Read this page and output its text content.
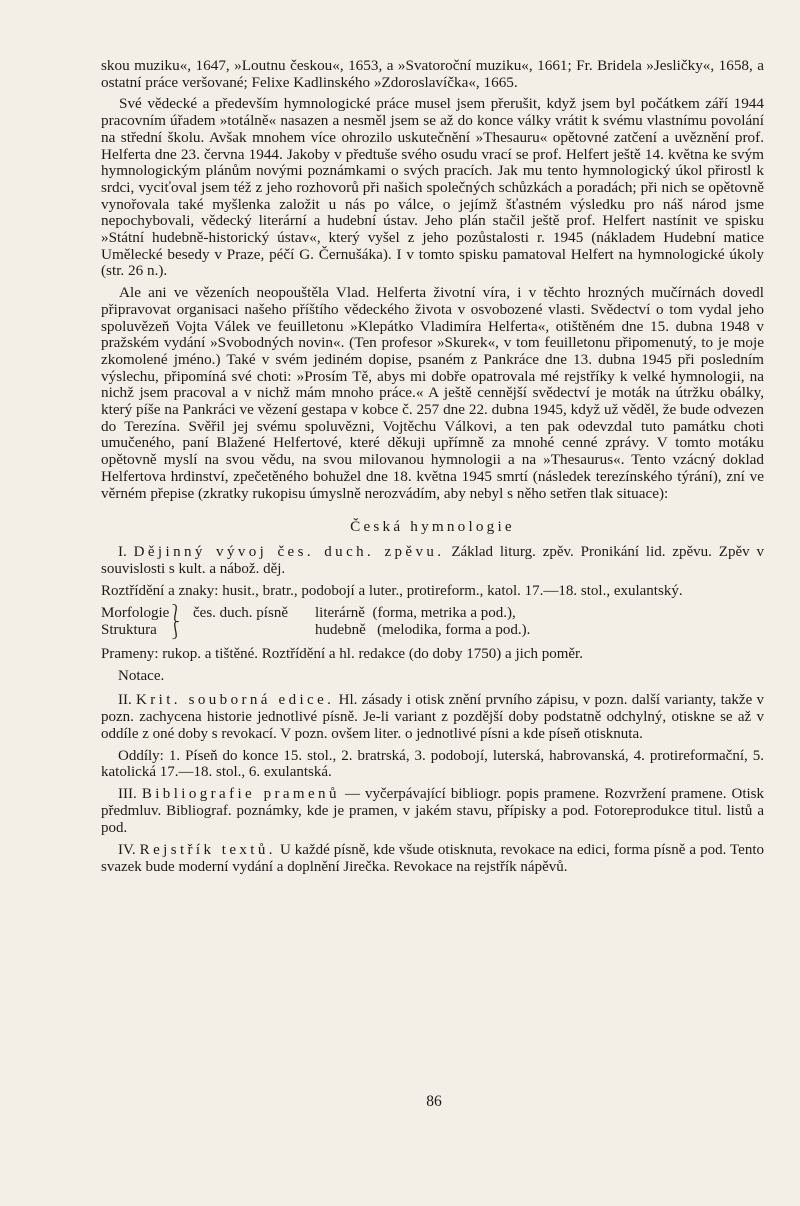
skou muziku«, 1647, »Loutnu českou«, 1653, a »Svatoroční muziku«, 1661; Fr. Bridela »Jesličky«, 1658, a ostatní práce veršované; Felixe Kadlinského »Zdoroslavíčka«, 1665.

Své vědecké a především hymnologické práce musel jsem přerušit, když jsem byl počátkem září 1944 pracovním úřadem »totálně« nasazen a nesměl jsem se až do konce války vrátit k svému vlastnímu povolání na střední školu. Avšak mnohem více ohrozilo uskutečnění »Thesauru« opětovné zatčení a uvěznění prof. Helferta dne 23. června 1944. Jakoby v předtuše svého osudu vrací se prof. Helfert ještě 14. května ke svým hymnologickým plánům novými poznámkami o svých pracích. Jak mu tento hymnologický úkol přirostl k srdci, vyciťoval jsem též z jeho rozhovorů při našich společných schůzkách a poradách; při nich se opětovně vynořovala také myšlenka založit u nás po válce, o jejímž šťastném výsledku pro náš národ jsme nepochybovali, vědecký literární a hudební ústav. Jeho plán stačil ještě prof. Helfert nastínit ve spisku »Státní hudebně-historický ústav«, který vyšel z jeho pozůstalosti r. 1945 (nákladem Hudební matice Umělecké besedy v Praze, péčí G. Černušáka). I v tomto spisku pamatoval Helfert na hymnologické úkoly (str. 26 n.).

Ale ani ve vězeních neopouštěla Vlad. Helferta životní víra, i v těchto hrozných mučírnách dovedl připravovat organisaci našeho příštího vědeckého života v osvobozené vlasti. Svědectví o tom vydal jeho spoluvězeň Vojta Válek ve feuilletonu »Klepátko Vladimíra Helferta«, otištěném dne 15. dubna 1948 v pražském vydání »Svobodných novin«. (Ten profesor »Skurek«, v tom feuilletonu připomenutý, to je moje zkomolené jméno.) Také v svém jediném dopise, psaném z Pankráce dne 13. dubna 1945 při posledním výslechu, připomíná své choti: »Prosím Tě, abys mi dobře opatrovala mé rejstříky k velké hymnologii, na nichž jsem pracoval a v nichž mám mnoho práce.« A ještě cennější svědectví je moták na útržku obálky, který píše na Pankráci ve vězení gestapa v kobce č. 257 dne 22. dubna 1945, když už věděl, že bude odvezen do Terezína. Svěřil jej svému spoluvězni, Vojtěchu Válkovi, a ten pak odevzdal tuto památku choti umučeného, paní Blažené Helfertové, které děkuji upřímně za mnohé cenné zprávy. V tomto motáku opětovně myslí na svou vědu, na svou milovanou hymnologii a na »Thesaurus«. Tento vzácný doklad Helfertova hrdinství, zpečetěného bohužel dne 18. května 1945 smrtí (následek terezínského týrání), zní ve věrném přepise (zkratky rukopisu úmyslně nerozvádím, aby nebyl s něho setřen tlak situace):

Česká hymnologie

I. Dějinný vývoj čes. duch. zpěvu. Základ liturg. zpěv. Pronikání lid. zpěvu. Zpěv v souvislosti s kult. a nábož. děj.

Roztřídění a znaky: husit., bratr., podobojí a luter., protireform., katol. 17.—18. stol., exulantský.

Morfologie
⎱ čes. duch. písně	literárně (forma, metrika a pod.),
Struktura ⎰	hudebně (melodika, forma a pod.).

Prameny: rukop. a tištěné. Roztřídění a hl. redakce (do doby 1750) a jich poměr.

Notace.

II. Krit. souborná edice. Hl. zásady i otisk znění prvního zápisu, v pozn. další varianty, takže v pozn. zachycena historie jednotlivé písně. Je-li variant z pozdější doby podstatně odchylný, otiskne se až v oddíle z oné doby s revokací. V pozn. ovšem liter. o jednotlivé písni a kde píseň otisknuta.

Oddíly: 1. Píseň do konce 15. stol., 2. bratrská, 3. podobojí, luterská, habrovanská, 4. protireformační, 5. katolická 17.—18. stol., 6. exulantská.

III. Bibliografie pramenů — vyčerpávající bibliogr. popis pramene. Rozvržení pramene. Otisk předmluv. Bibliograf. poznámky, kde je pramen, v jakém stavu, přípisky a pod. Fotoreprodukce titul. listů a pod.

IV. Rejstřík textů. U každé písně, kde všude otisknuta, revokace na edici, forma písně a pod. Tento svazek bude moderní vydání a doplnění Jirečka. Revokace na rejstřík nápěvů.

86
